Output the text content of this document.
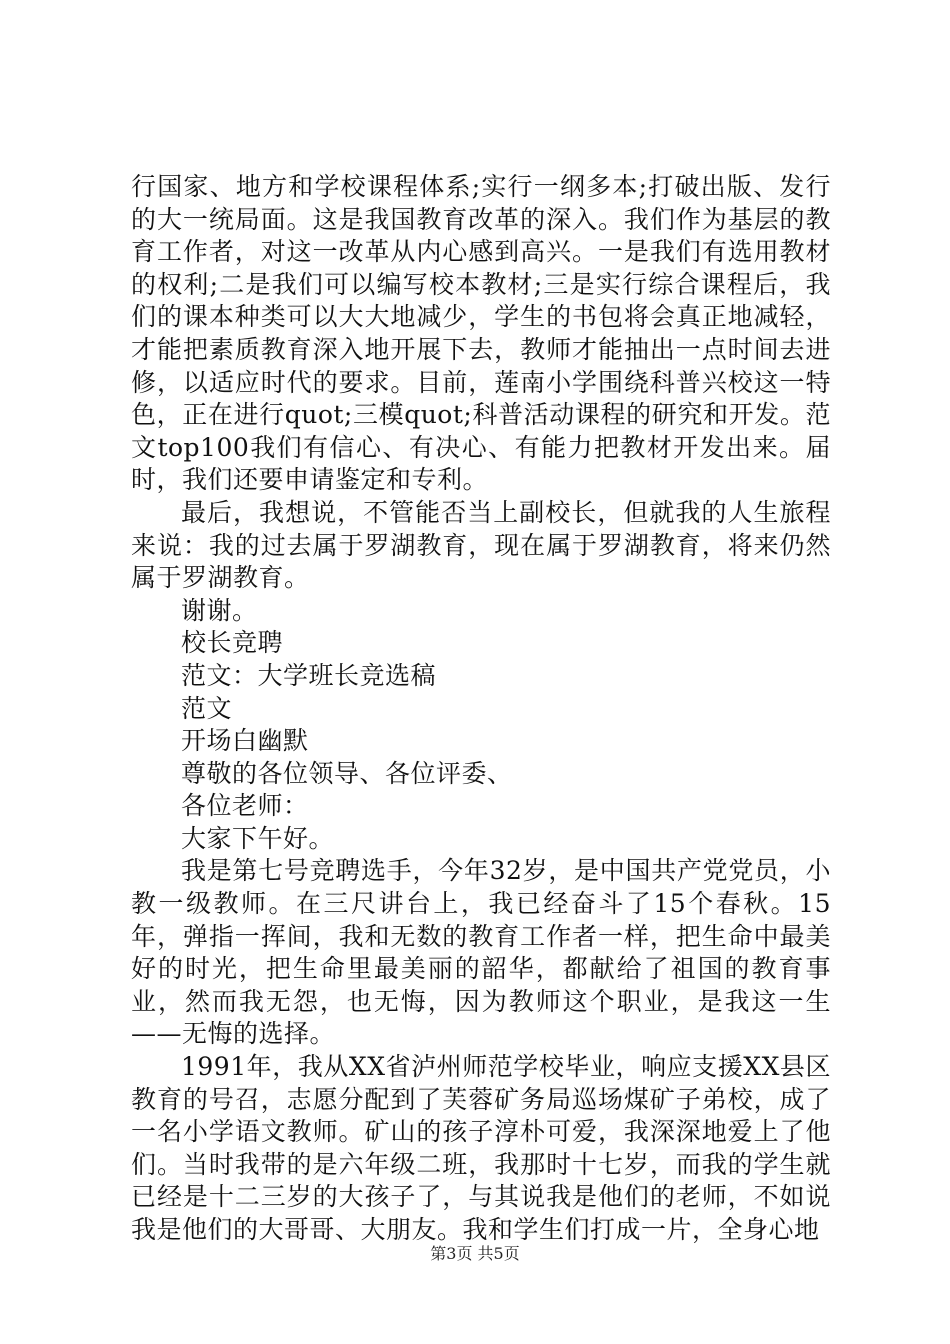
行国家、地方和学校课程体系;实行一纲多本;打破出版、发行的大一统局面。这是我国教育改革的深入。我们作为基层的教育工作者，对这一改革从内心感到高兴。一是我们有选用教材的权利;二是我们可以编写校本教材;三是实行综合课程后，我们的课本种类可以大大地减少，学生的书包将会真正地减轻，才能把素质教育深入地开展下去，教师才能抽出一点时间去进修，以适应时代的要求。目前，莲南小学围绕科普兴校这一特色，正在进行quot;三模quot;科普活动课程的研究和开发。范文top100我们有信心、有决心、有能力把教材开发出来。届时，我们还要申请鉴定和专利。

最后，我想说，不管能否当上副校长，但就我的人生旅程来说：我的过去属于罗湖教育，现在属于罗湖教育，将来仍然属于罗湖教育。

谢谢。

校长竞聘

范文：大学班长竞选稿

范文

开场白幽默

尊敬的各位领导、各位评委、

各位老师：

大家下午好。

我是第七号竞聘选手，今年32岁，是中国共产党党员，小教一级教师。在三尺讲台上，我已经奋斗了15个春秋。15年，弹指一挥间，我和无数的教育工作者一样，把生命中最美好的时光，把生命里最美丽的韶华，都献给了祖国的教育事业，然而我无怨，也无悔，因为教师这个职业，是我这一生——无悔的选择。

1991年，我从XX省泸州师范学校毕业，响应支援XX县区教育的号召，志愿分配到了芙蓉矿务局巡场煤矿子弟校，成了一名小学语文教师。矿山的孩子淳朴可爱，我深深地爱上了他们。当时我带的是六年级二班，我那时十七岁，而我的学生就已经是十二三岁的大孩子了，与其说我是他们的老师，不如说我是他们的大哥哥、大朋友。我和学生们打成一片，全身心地

第3页 共5页
